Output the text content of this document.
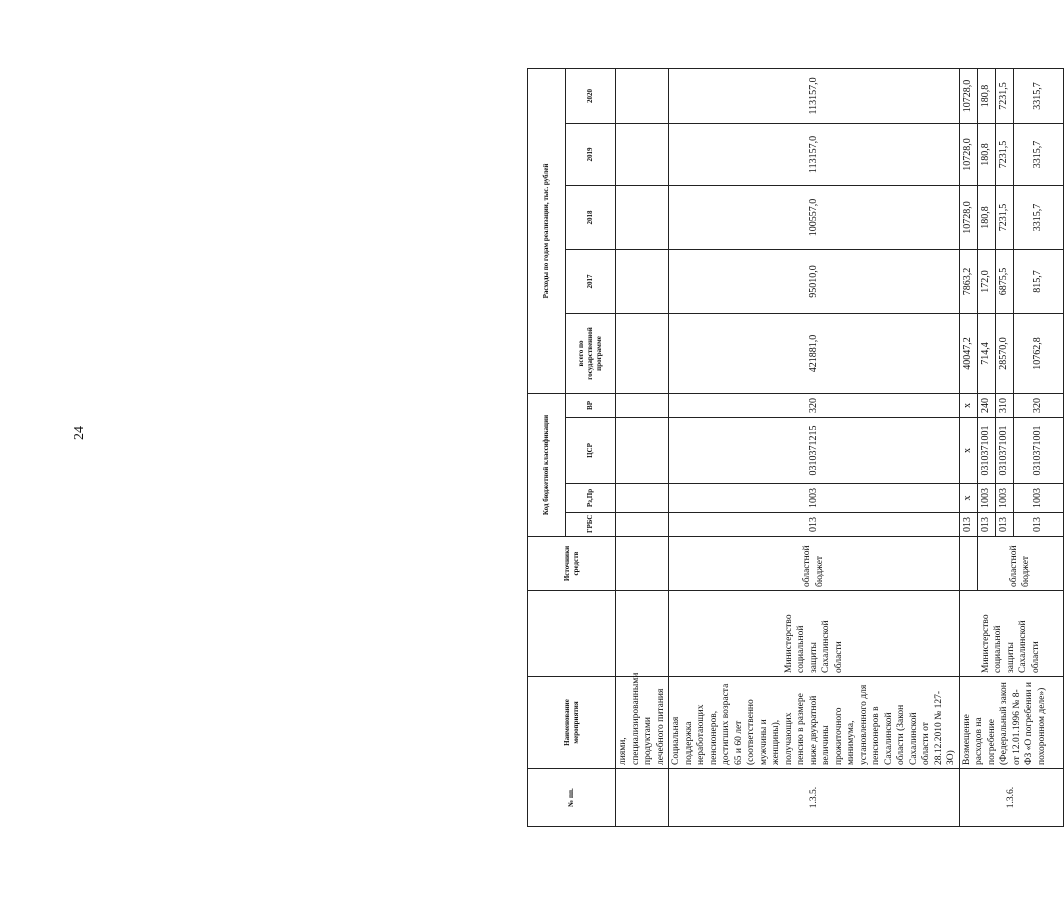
24
№ пп.	Наименование мероприятия		Источники средств	Код бюджетной классификации				Расходы по годам реализации, тыс. рублей				
				ГРБС	Рз,Пр	ЦСР	ВР	всего по государственной программе	2017	2018	2019	2020
	лиями, специализированными продуктами лечебного питания											
1.3.5.	Социальная поддержка неработающих пенсионеров, достигших возраста 65 и 60 лет (соответственно мужчины и женщины), получающих пенсию в размере ниже двукратной величины прожиточного минимума, установленного для пенсионеров в Сахалинской области (Закон Сахалинской области от 28.12.2010 № 127-ЗО)	Министерство социальной защиты Сахалинской области	областной бюджет	013	1003	0310371215	320	421881,0	95010,0	100557,0	113157,0	113157,0
1.3.6.	Возмещение расходов на погребение (Федеральный закон от 12.01.1996 № 8-ФЗ «О погребении и похоронном деле»)	Министерство социальной защиты Сахалинской области		013	х	х	х	40047,2	7863,2	10728,0	10728,0	10728,0
			областной бюджет	013	1003	0310371001	240	714,4	172,0	180,8	180,8	180,8
				013	1003	0310371001	310	28570,0	6875,5	7231,5	7231,5	7231,5
				013	1003	0310371001	320	10762,8	815,7	3315,7	3315,7	3315,7
